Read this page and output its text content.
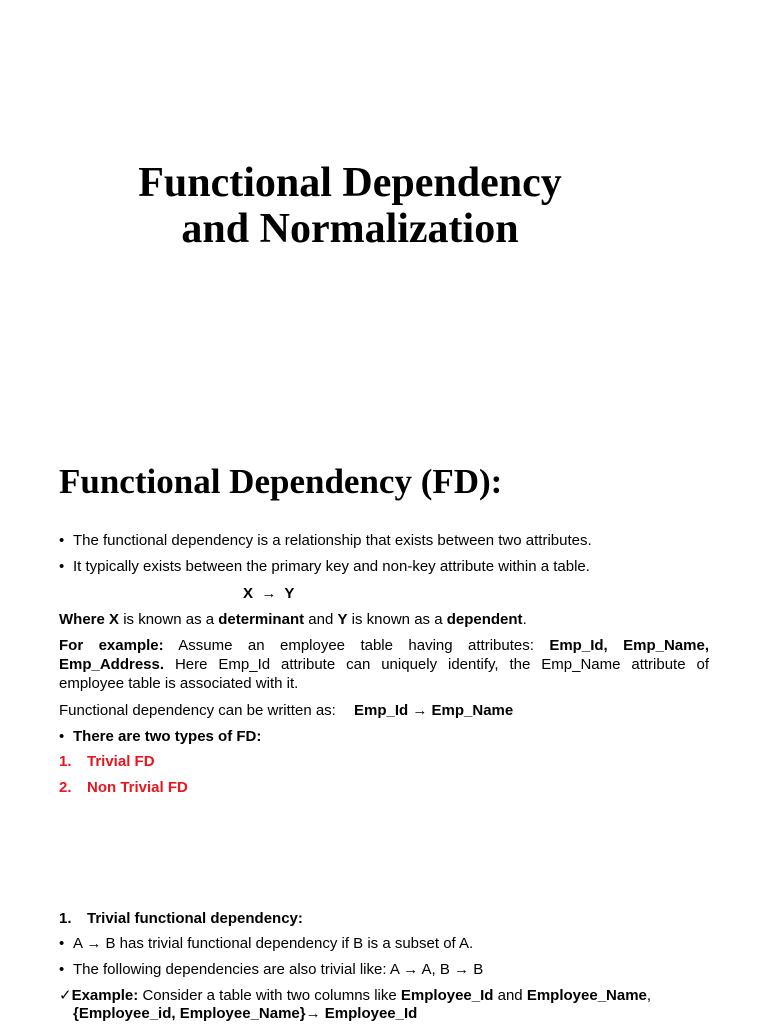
Functional Dependency
and Normalization
Functional Dependency (FD):
• The functional dependency is a relationship that exists between two attributes.
• It typically exists between the primary key and non-key attribute within a table.
X  →  Y
Where X is known as a determinant and Y is known as a dependent.
For example: Assume an employee table having attributes: Emp_Id, Emp_Name, Emp_Address. Here Emp_Id attribute can uniquely identify, the Emp_Name attribute of employee table is associated with it.
Functional dependency can be written as: Emp_Id → Emp_Name
• There are two types of FD:
1. Trivial FD
2. Non Trivial FD
1. Trivial functional dependency:
• A → B has trivial functional dependency if B is a subset of A.
• The following dependencies are also trivial like: A → A, B → B
✓Example: Consider a table with two columns like Employee_Id and Employee_Name,
{Employee_id, Employee_Name}→ Employee_Id
